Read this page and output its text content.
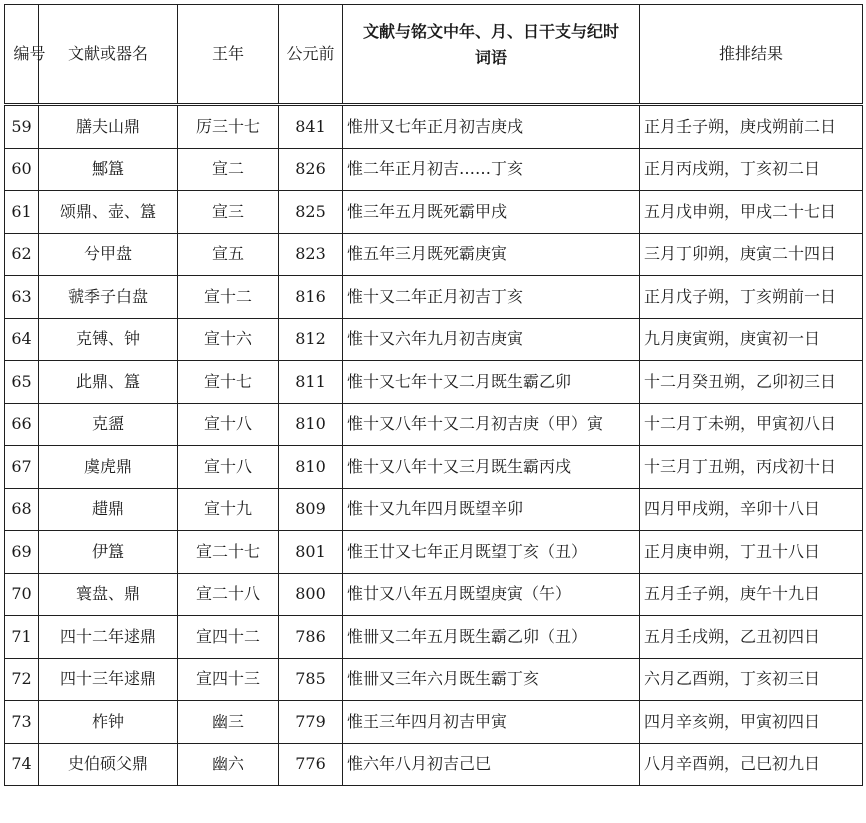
编号	文献或器名	王年	公元前	文献与铭文中年、月、日干支与纪时词语	推排结果
59	膳夫山鼎	厉三十七	841	惟卅又七年正月初吉庚戌	正月壬子朔，庚戌朔前二日
60	鄦簋	宣二	826	惟二年正月初吉……丁亥	正月丙戌朔，丁亥初二日
61	颂鼎、壶、簋	宣三	825	惟三年五月既死霸甲戌	五月戊申朔，甲戌二十七日
62	兮甲盘	宣五	823	惟五年三月既死霸庚寅	三月丁卯朔，庚寅二十四日
63	虢季子白盘	宣十二	816	惟十又二年正月初吉丁亥	正月戊子朔，丁亥朔前一日
64	克镈、钟	宣十六	812	惟十又六年九月初吉庚寅	九月庚寅朔，庚寅初一日
65	此鼎、簋	宣十七	811	惟十又七年十又二月既生霸乙卯	十二月癸丑朔，乙卯初三日
66	克盨	宣十八	810	惟十又八年十又二月初吉庚（甲）寅	十二月丁未朔，甲寅初八日
67	虞虎鼎	宣十八	810	惟十又八年十又三月既生霸丙戌	十三月丁丑朔，丙戌初十日
68	趞鼎	宣十九	809	惟十又九年四月既望辛卯	四月甲戌朔，辛卯十八日
69	伊簋	宣二十七	801	惟王廿又七年正月既望丁亥（丑）	正月庚申朔，丁丑十八日
70	寰盘、鼎	宣二十八	800	惟廿又八年五月既望庚寅（午）	五月壬子朔，庚午十九日
71	四十二年逑鼎	宣四十二	786	惟卌又二年五月既生霸乙卯（丑）	五月壬戌朔，乙丑初四日
72	四十三年逑鼎	宣四十三	785	惟卌又三年六月既生霸丁亥	六月乙酉朔，丁亥初三日
73	柞钟	幽三	779	惟王三年四月初吉甲寅	四月辛亥朔，甲寅初四日
74	史伯硕父鼎	幽六	776	惟六年八月初吉己巳	八月辛酉朔，己巳初九日
